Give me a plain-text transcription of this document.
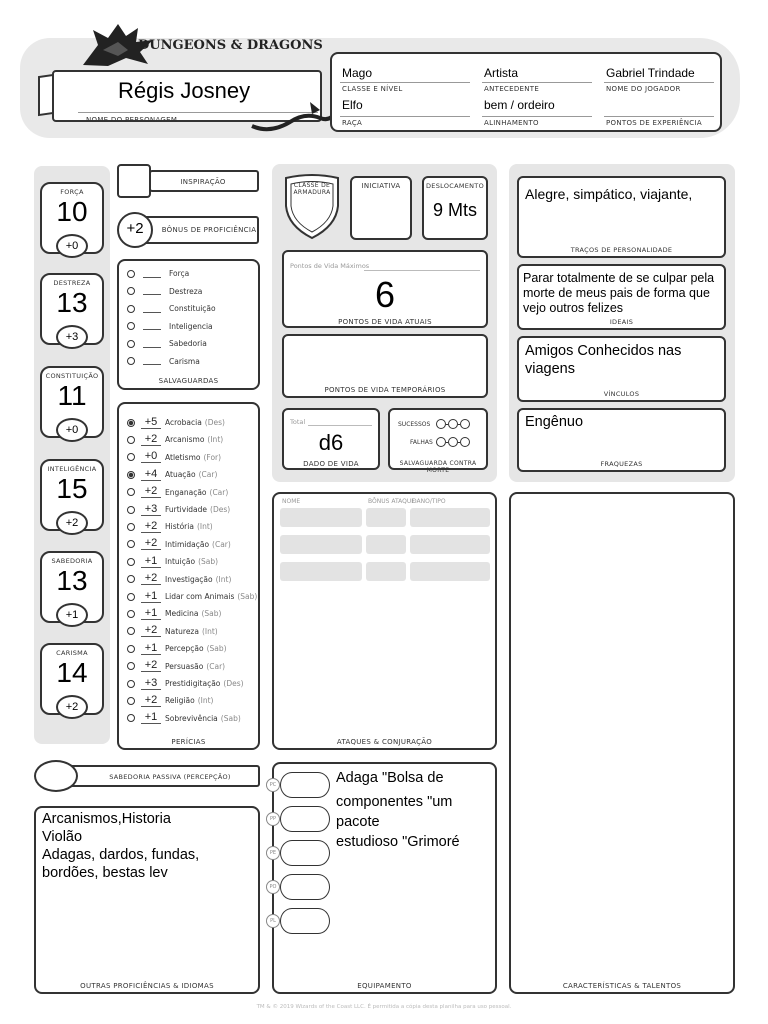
DUNGEONS & DRAGONS
Régis Josney
NOME DO PERSONAGEM
Mago
CLASSE E NÍVEL
Artista
ANTECEDENTE
Gabriel Trindade
NOME DO JOGADOR
Elfo
RAÇA
bem / ordeiro
ALINHAMENTO	PONTOS DE EXPERIÊNCIA
FORÇA
10
+0
DESTREZA
13
+3
CONSTITUIÇÃO
11
+0
INTELIGÊNCIA
15
+2
SABEDORIA
13
+1
CARISMA
14
+2
INSPIRAÇÃO
+2	BÔNUS DE PROFICIÊNCIA
Força
Destreza
Constituição
Inteligencia
Sabedoria
Carisma
SALVAGUARDAS
+5	Acrobacia (Des)
+2	Arcanismo (Int)
+0	Atletismo (For)
+4	Atuação (Car)
+2	Enganação (Car)
+3	Furtividade (Des)
+2	História (Int)
+2	Intimidação (Car)
+1	Intuição (Sab)
+2	Investigação (Int)
+1	Lidar com Animais (Sab)
+1	Medicina (Sab)
+2	Natureza (Int)
+1	Percepção (Sab)
+2	Persuasão (Car)
+3	Prestidigitação (Des)
+2	Religião (Int)
+1	Sobrevivência (Sab)
PERÍCIAS
SABEDORIA PASSIVA (PERCEPÇÃO)
Arcanismos,Historia
Violão
Adagas, dardos, fundas,
bordões, bestas lev
OUTRAS PROFICIÊNCIAS & IDIOMAS
CLASSE DE ARMADURA
INICIATIVA	DESLOCAMENTO
9 Mts
Pontos de Vida Máximos
6
PONTOS DE VIDA ATUAIS
PONTOS DE VIDA TEMPORÁRIOS
Total
d6
DADO DE VIDA
SUCESSOS
FALHAS
SALVAGUARDA CONTRA MORTE
NOME	BÔNUS ATAQUE
DANO/TIPO
ATAQUES & CONJURAÇÃO
Adaga "Bolsa de
componentes "um
pacote
estudioso "Grimoré
EQUIPAMENTO
PC
PP
PE
PO
PL
Alegre, simpático, viajante,
TRAÇOS DE PERSONALIDADE
Parar totalmente de se culpar pela morte de meus pais de forma que vejo outros felizes
IDEAIS
Amigos Conhecidos nas viagens
VÍNCULOS
Engênuo
FRAQUEZAS
CARACTERÍSTICAS & TALENTOS
TM & © 2019 Wizards of the Coast LLC. É permitida a cópia desta planilha para uso pessoal.
